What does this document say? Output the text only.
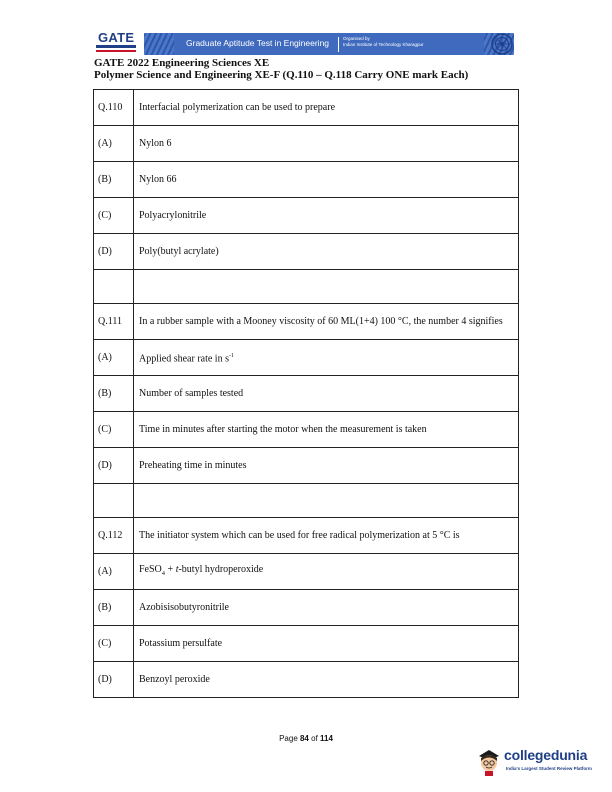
GATE	Graduate Aptitude Test in Engineering	Organised by
Indian Institute of Technology Kharagpur
GATE 2022 Engineering Sciences XE
Polymer Science and Engineering XE-F (Q.110 – Q.118 Carry ONE mark Each)
Q.110	Interfacial polymerization can be used to prepare
(A)	Nylon 6
(B)	Nylon 66
(C)	Polyacrylonitrile
(D)	Poly(butyl acrylate)

Q.111	In a rubber sample with a Mooney viscosity of 60 ML(1+4) 100 °C, the number 4 signifies
(A)	Applied shear rate in $s^{-1}$
(B)	Number of samples tested
(C)	Time in minutes after starting the motor when the measurement is taken
(D)	Preheating time in minutes

Q.112	The initiator system which can be used for free radical polymerization at 5 °C is
(A)	FeSO$_4$ + t-butyl hydroperoxide
(B)	Azobisisobutyronitrile
(C)	Potassium persulfate
(D)	Benzoyl peroxide
Page 84 of 114
collegedunia
India's Largest Student Review Platform
